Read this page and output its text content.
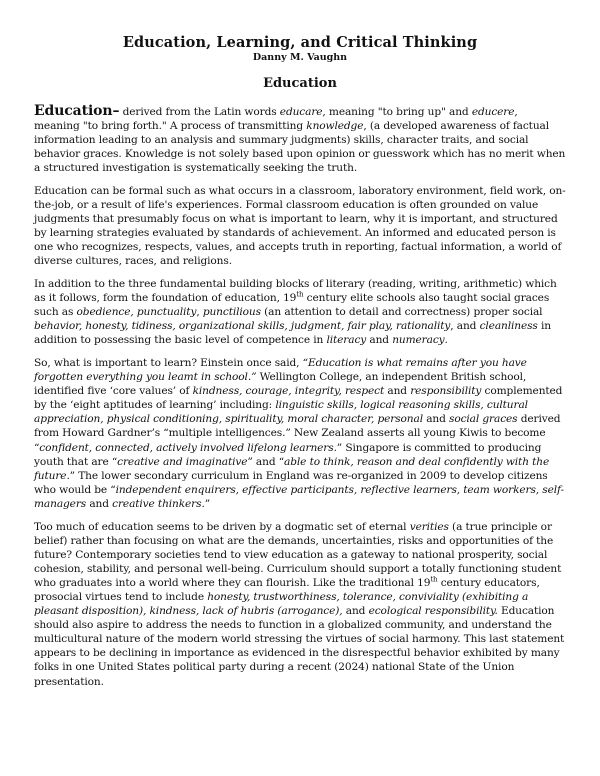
Education, Learning, and Critical Thinking
Danny M. Vaughn
Education

Education– derived from the Latin words educare, meaning "to bring up" and educere, meaning "to bring forth." A process of transmitting knowledge, (a developed awareness of factual information leading to an analysis and summary judgments) skills, character traits, and social behavior graces. Knowledge is not solely based upon opinion or guesswork which has no merit when a structured investigation is systematically seeking the truth.

Education can be formal such as what occurs in a classroom, laboratory environment, field work, on-the-job, or a result of life's experiences. Formal classroom education is often grounded on value judgments that presumably focus on what is important to learn, why it is important, and structured by learning strategies evaluated by standards of achievement. An informed and educated person is one who recognizes, respects, values, and accepts truth in reporting, factual information, a world of diverse cultures, races, and religions.

In addition to the three fundamental building blocks of literary (reading, writing, arithmetic) which as it follows, form the foundation of education, 19th century elite schools also taught social graces such as obedience, punctuality, punctilious (an attention to detail and correctness) proper social behavior, honesty, tidiness, organizational skills, judgment, fair play, rationality, and cleanliness in addition to possessing the basic level of competence in literacy and numeracy.

So, what is important to learn? Einstein once said, “Education is what remains after you have forgotten everything you leamt in school.” Wellington College, an independent British school, identified five ‘core values’ of kindness, courage, integrity, respect and responsibility complemented by the ‘eight aptitudes of learning’ including: linguistic skills, logical reasoning skills, cultural appreciation, physical conditioning, spirituality, moral character, personal and social graces derived from Howard Gardner’s “multiple intelligences.” New Zealand asserts all young Kiwis to become “confident, connected, actively involved lifelong learners.” Singapore is committed to producing youth that are “creative and imaginative” and “able to think, reason and deal confidently with the future.” The lower secondary curriculum in England was re-organized in 2009 to develop citizens who would be “independent enquirers, effective participants, reflective learners, team workers, self-managers and creative thinkers.”

Too much of education seems to be driven by a dogmatic set of eternal verities (a true principle or belief) rather than focusing on what are the demands, uncertainties, risks and opportunities of the future? Contemporary societies tend to view education as a gateway to national prosperity, social cohesion, stability, and personal well-being. Curriculum should support a totally functioning student who graduates into a world where they can flourish. Like the traditional 19th century educators, prosocial virtues tend to include honesty, trustworthiness, tolerance, conviviality (exhibiting a pleasant disposition), kindness, lack of hubris (arrogance), and ecological responsibility. Education should also aspire to address the needs to function in a globalized community, and understand the multicultural nature of the modern world stressing the virtues of social harmony. This last statement appears to be declining in importance as evidenced in the disrespectful behavior exhibited by many folks in one United States political party during a recent (2024) national State of the Union presentation.
